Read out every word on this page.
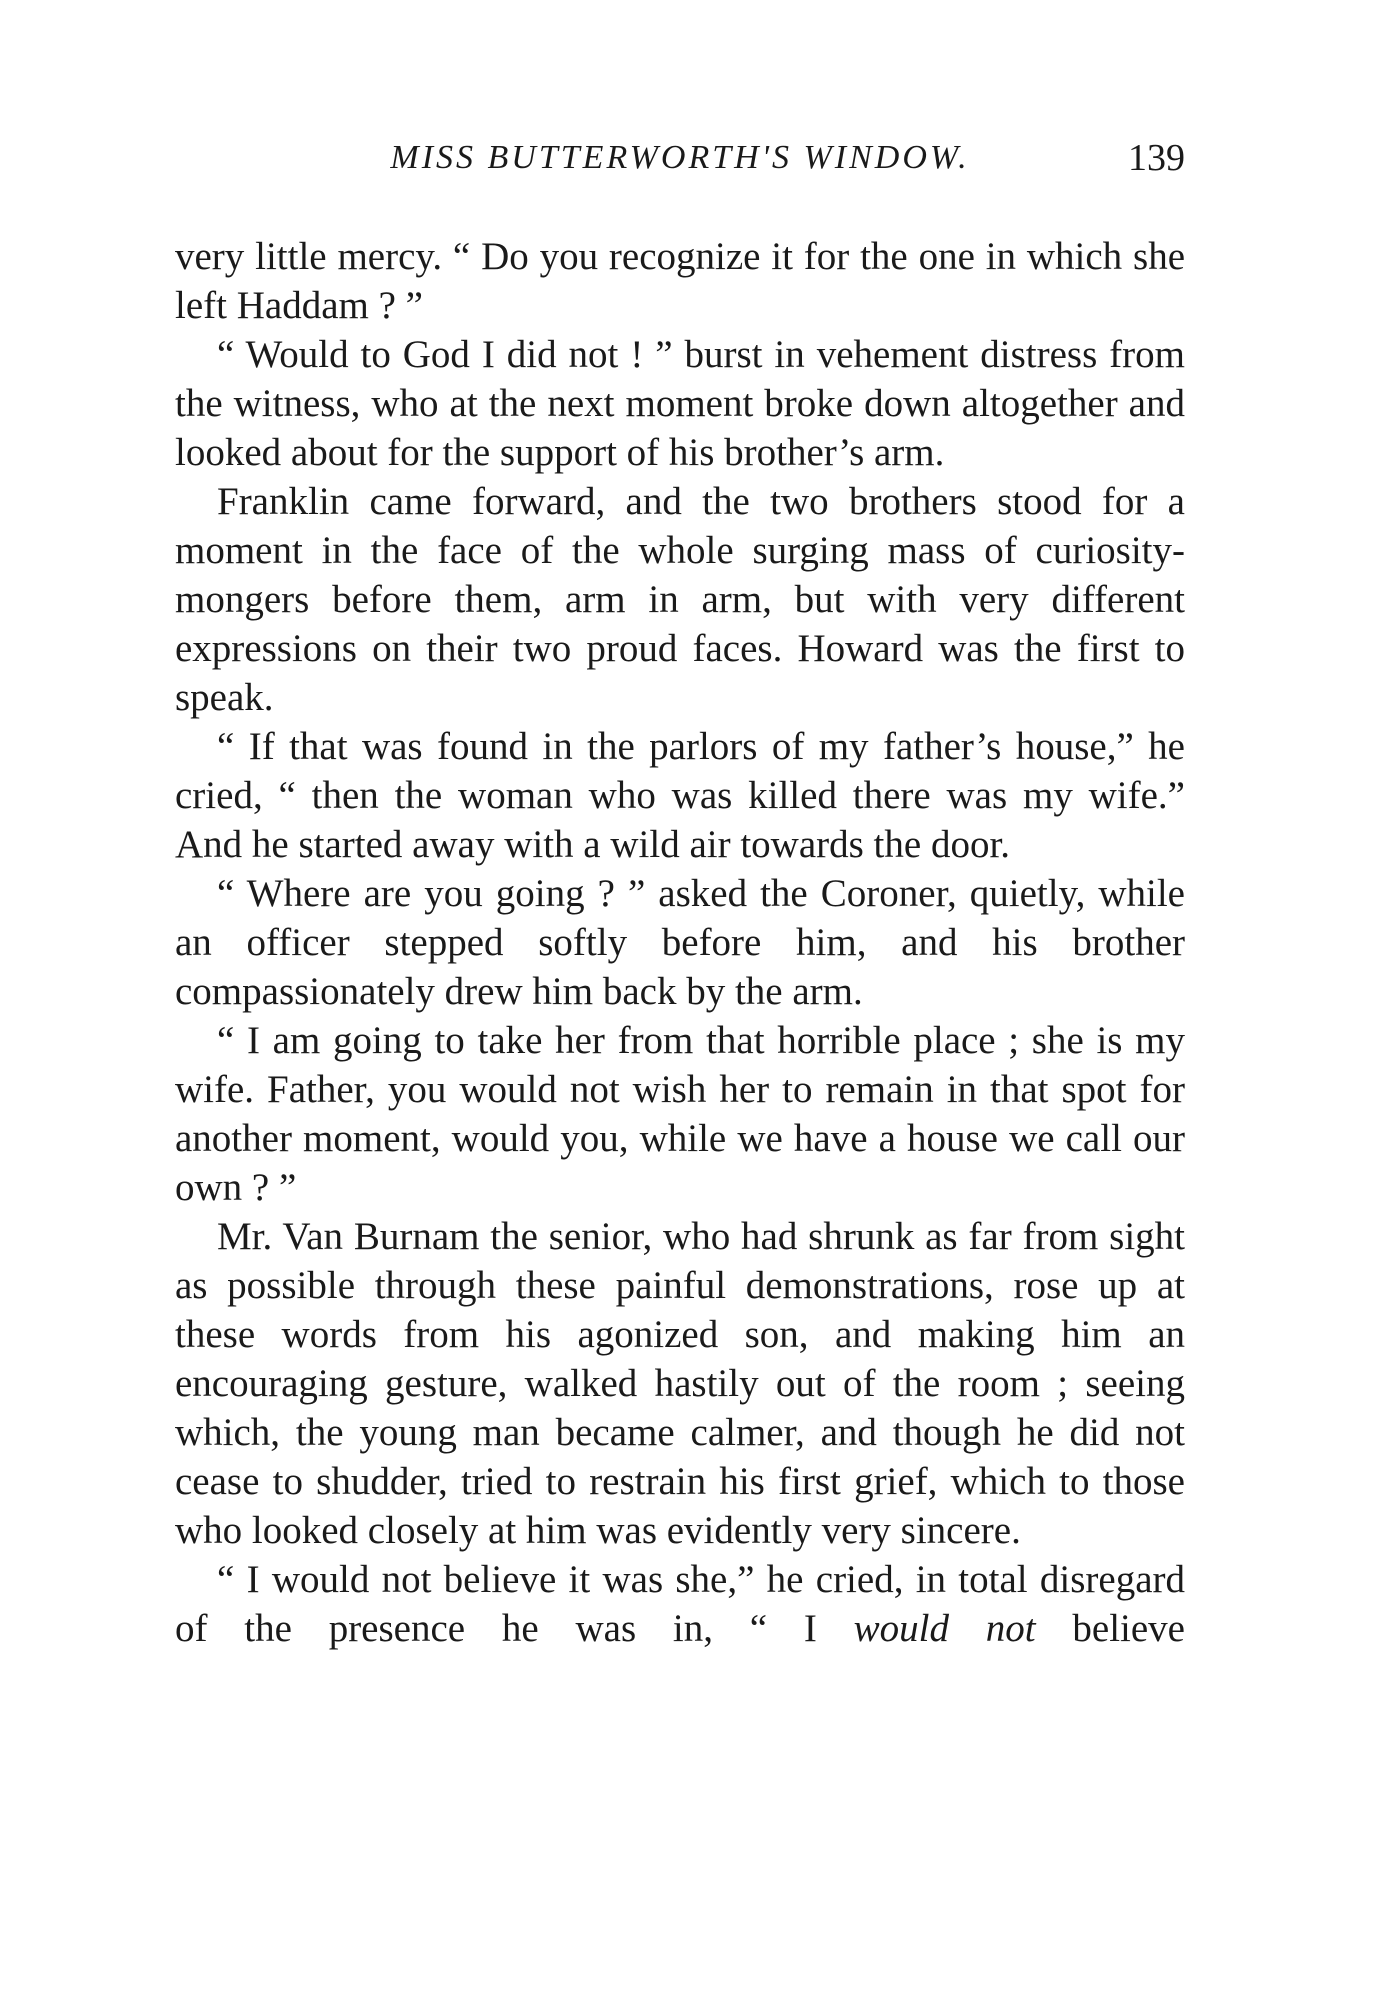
MISS BUTTERWORTH'S WINDOW.	139

very little mercy. “ Do you recognize it for the one in which she left Haddam ? ”

“ Would to God I did not ! ” burst in vehement distress from the witness, who at the next moment broke down altogether and looked about for the support of his brother’s arm.

Franklin came forward, and the two brothers stood for a moment in the face of the whole surging mass of curiosity-mongers before them, arm in arm, but with very different expressions on their two proud faces. Howard was the first to speak.

“ If that was found in the parlors of my father’s house,” he cried, “ then the woman who was killed there was my wife.” And he started away with a wild air towards the door.

“ Where are you going ? ” asked the Coroner, quietly, while an officer stepped softly before him, and his brother compassionately drew him back by the arm.

“ I am going to take her from that horrible place ; she is my wife. Father, you would not wish her to remain in that spot for another moment, would you, while we have a house we call our own ? ”

Mr. Van Burnam the senior, who had shrunk as far from sight as possible through these painful demonstrations, rose up at these words from his agonized son, and making him an encouraging gesture, walked hastily out of the room ; seeing which, the young man became calmer, and though he did not cease to shudder, tried to restrain his first grief, which to those who looked closely at him was evidently very sincere.

“ I would not believe it was she,” he cried, in total disregard of the presence he was in, “ I would not believe
